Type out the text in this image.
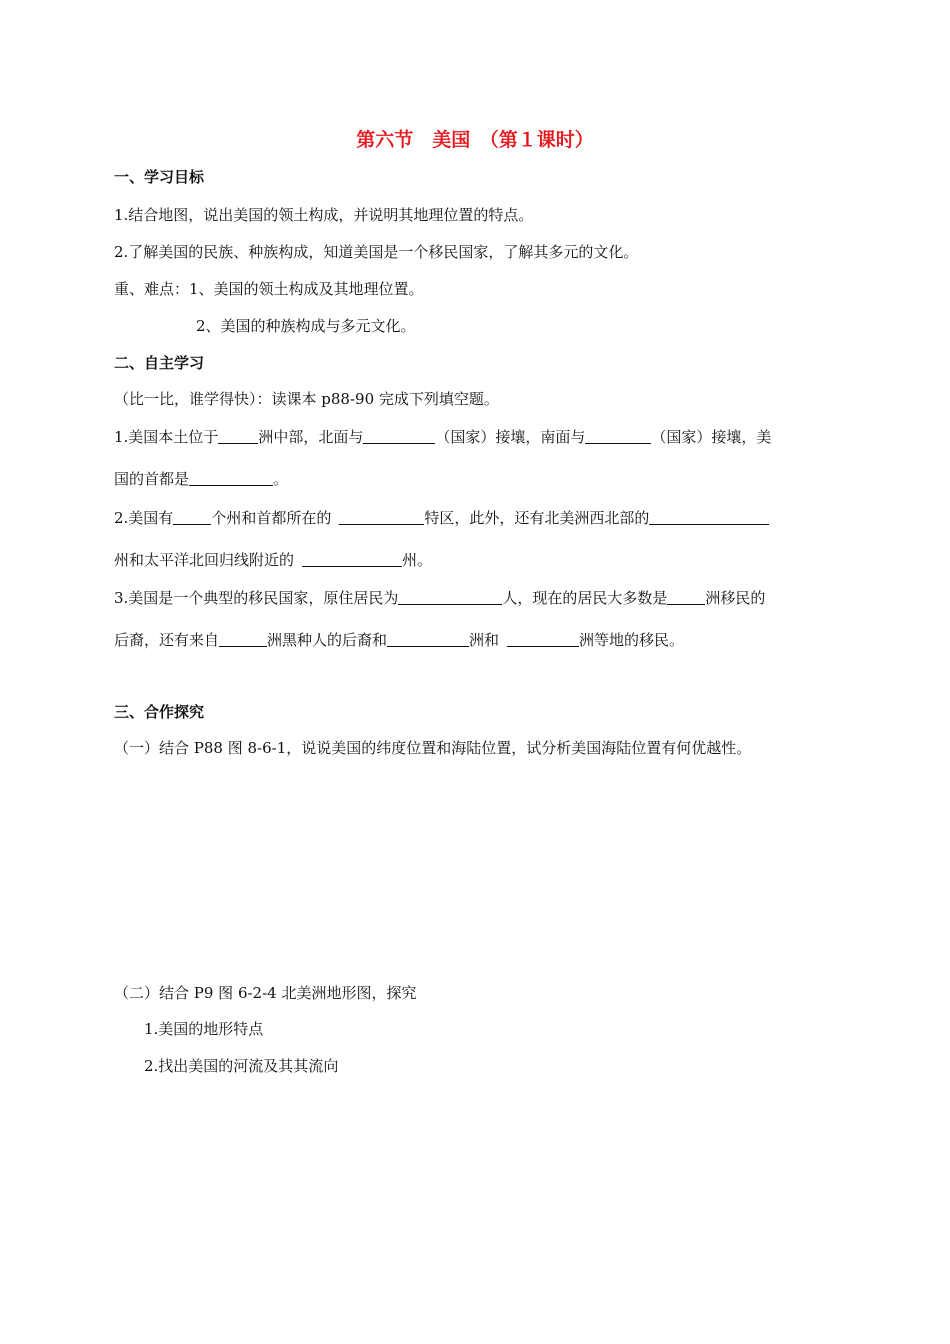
第六节　美国　（第１课时）
一、学习目标
1.结合地图，说出美国的领土构成，并说明其地理位置的特点。
2.了解美国的民族、种族构成，知道美国是一个移民国家，了解其多元的文化。
重、难点：1、美国的领土构成及其地理位置。
2、美国的种族构成与多元文化。
二、自主学习
（比一比，谁学得快）：读课本 p88-90 完成下列填空题。
1.美国本土位于	洲中部，北面与	（国家）接壤，南面与	（国家）接壤，美
国的首都是	。
2.美国有	个州和首都所在的	特区，此外，还有北美洲西北部的
州和太平洋北回归线附近的	州。
3.美国是一个典型的移民国家，原住居民为	人，现在的居民大多数是	洲移民的
后裔，还有来自	洲黑种人的后裔和	洲和	洲等地的移民。
三、合作探究
（一）结合 P88 图 8-6-1，说说美国的纬度位置和海陆位置，试分析美国海陆位置有何优越性。
（二）结合 P9 图 6-2-4 北美洲地形图，探究
1.美国的地形特点
2.找出美国的河流及其其流向
